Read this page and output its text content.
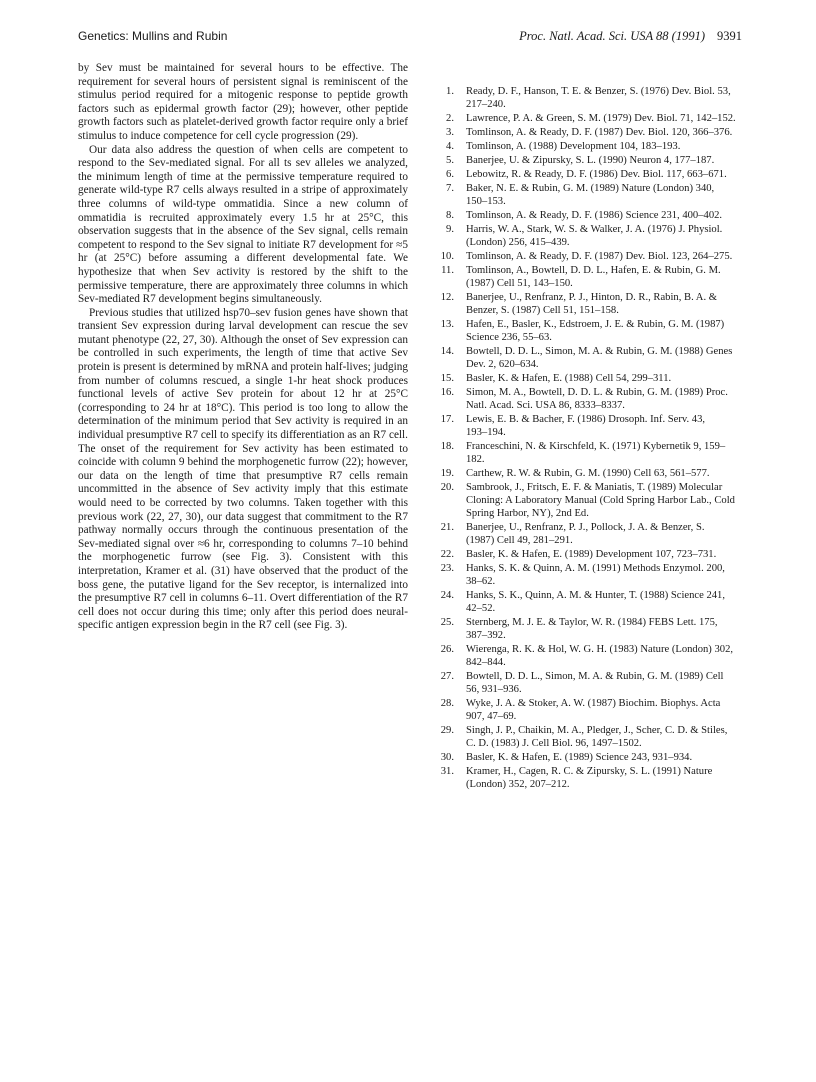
Genetics: Mullins and Rubin	Proc. Natl. Acad. Sci. USA 88 (1991) 9391

by Sev must be maintained for several hours to be effective. The requirement for several hours of persistent signal is reminiscent of the stimulus period required for a mitogenic response to peptide growth factors such as epidermal growth factor (29); however, other peptide growth factors such as platelet-derived growth factor require only a brief stimulus to induce competence for cell cycle progression (29).

Our data also address the question of when cells are competent to respond to the Sev-mediated signal. For all ts sev alleles we analyzed, the minimum length of time at the permissive temperature required to generate wild-type R7 cells always resulted in a stripe of approximately three columns of wild-type ommatidia. Since a new column of ommatidia is recruited approximately every 1.5 hr at 25°C, this observation suggests that in the absence of the Sev signal, cells remain competent to respond to the Sev signal to initiate R7 development for ≈5 hr (at 25°C) before assuming a different developmental fate. We hypothesize that when Sev activity is restored by the shift to the permissive temperature, there are approximately three columns in which Sev-mediated R7 development begins simultaneously.

Previous studies that utilized hsp70–sev fusion genes have shown that transient Sev expression during larval development can rescue the sev mutant phenotype (22, 27, 30). Although the onset of Sev expression can be controlled in such experiments, the length of time that active Sev protein is present is determined by mRNA and protein half-lives; judging from number of columns rescued, a single 1-hr heat shock produces functional levels of active Sev protein for about 12 hr at 25°C (corresponding to 24 hr at 18°C). This period is too long to allow the determination of the minimum period that Sev activity is required in an individual presumptive R7 cell to specify its differentiation as an R7 cell. The onset of the requirement for Sev activity has been estimated to coincide with column 9 behind the morphogenetic furrow (22); however, our data on the length of time that presumptive R7 cells remain uncommitted in the absence of Sev activity imply that this estimate would need to be corrected by two columns. Taken together with this previous work (22, 27, 30), our data suggest that commitment to the R7 pathway normally occurs through the continuous presentation of the Sev-mediated signal over ≈6 hr, corresponding to columns 7–10 behind the morphogenetic furrow (see Fig. 3). Consistent with this interpretation, Kramer et al. (31) have observed that the product of the boss gene, the putative ligand for the Sev receptor, is internalized into the presumptive R7 cell in columns 6–11. Overt differentiation of the R7 cell does not occur during this time; only after this period does neural-specific antigen expression begin in the R7 cell (see Fig. 3).

1. Ready, D. F., Hanson, T. E. & Benzer, S. (1976) Dev. Biol. 53,
217–240.
2. Lawrence, P. A. & Green, S. M. (1979) Dev. Biol. 71, 142–152.
3. Tomlinson, A. & Ready, D. F. (1987) Dev. Biol. 120, 366–376.
4. Tomlinson, A. (1988) Development 104, 183–193.
5. Banerjee, U. & Zipursky, S. L. (1990) Neuron 4, 177–187.
6. Lebowitz, R. & Ready, D. F. (1986) Dev. Biol. 117, 663–671.
7. Baker, N. E. & Rubin, G. M. (1989) Nature (London) 340,
150–153.
8. Tomlinson, A. & Ready, D. F. (1986) Science 231, 400–402.
9. Harris, W. A., Stark, W. S. & Walker, J. A. (1976) J. Physiol.
(London) 256, 415–439.
10. Tomlinson, A. & Ready, D. F. (1987) Dev. Biol. 123, 264–275.
11. Tomlinson, A., Bowtell, D. D. L., Hafen, E. & Rubin, G. M.
(1987) Cell 51, 143–150.
12. Banerjee, U., Renfranz, P. J., Hinton, D. R., Rabin, B. A. &
Benzer, S. (1987) Cell 51, 151–158.
13. Hafen, E., Basler, K., Edstroem, J. E. & Rubin, G. M. (1987)
Science 236, 55–63.
14. Bowtell, D. D. L., Simon, M. A. & Rubin, G. M. (1988) Genes
Dev. 2, 620–634.
15. Basler, K. & Hafen, E. (1988) Cell 54, 299–311.
16. Simon, M. A., Bowtell, D. D. L. & Rubin, G. M. (1989) Proc.
Natl. Acad. Sci. USA 86, 8333–8337.
17. Lewis, E. B. & Bacher, F. (1986) Drosoph. Inf. Serv. 43,
193–194.
18. Franceschini, N. & Kirschfeld, K. (1971) Kybernetik 9, 159–
182.
19. Carthew, R. W. & Rubin, G. M. (1990) Cell 63, 561–577.
20. Sambrook, J., Fritsch, E. F. & Maniatis, T. (1989) Molecular
Cloning: A Laboratory Manual (Cold Spring Harbor Lab., Cold Spring Harbor, NY), 2nd Ed.
21. Banerjee, U., Renfranz, P. J., Pollock, J. A. & Benzer, S.
(1987) Cell 49, 281–291.
22. Basler, K. & Hafen, E. (1989) Development 107, 723–731.
23. Hanks, S. K. & Quinn, A. M. (1991) Methods Enzymol. 200,
38–62.
24. Hanks, S. K., Quinn, A. M. & Hunter, T. (1988) Science 241,
42–52.
25. Sternberg, M. J. E. & Taylor, W. R. (1984) FEBS Lett. 175,
387–392.
26. Wierenga, R. K. & Hol, W. G. H. (1983) Nature (London) 302,
842–844.
27. Bowtell, D. D. L., Simon, M. A. & Rubin, G. M. (1989) Cell
56, 931–936.
28. Wyke, J. A. & Stoker, A. W. (1987) Biochim. Biophys. Acta
907, 47–69.
29. Singh, J. P., Chaikin, M. A., Pledger, J., Scher, C. D. & Stiles,
C. D. (1983) J. Cell Biol. 96, 1497–1502.
30. Basler, K. & Hafen, E. (1989) Science 243, 931–934.
31. Kramer, H., Cagen, R. C. & Zipursky, S. L. (1991) Nature
(London) 352, 207–212.
